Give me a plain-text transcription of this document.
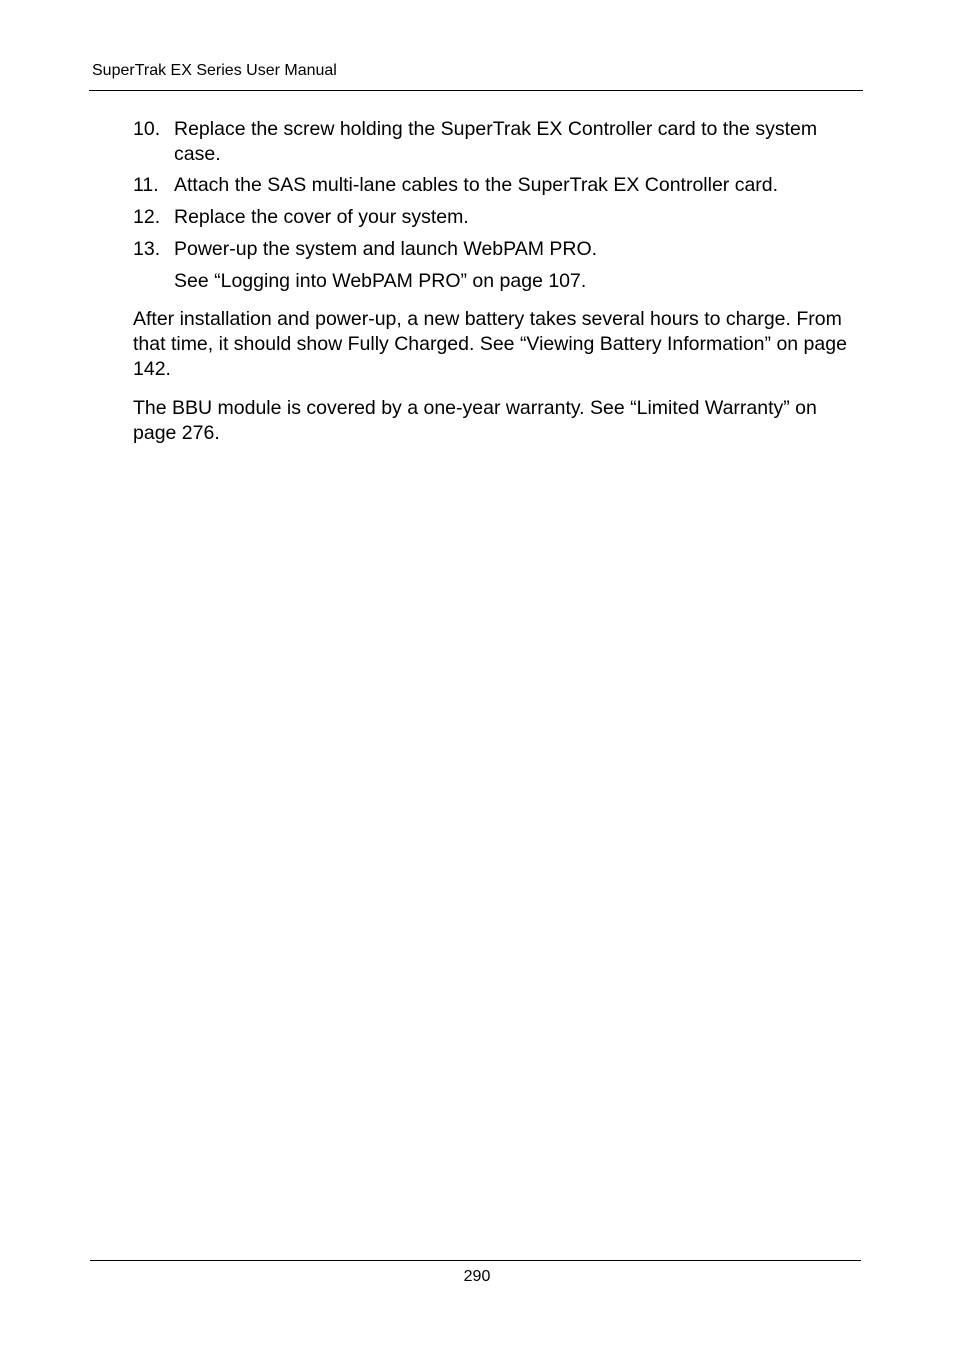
SuperTrak EX Series User Manual
10. Replace the screw holding the SuperTrak EX Controller card to the system case.
11. Attach the SAS multi-lane cables to the SuperTrak EX Controller card.
12. Replace the cover of your system.
13. Power-up the system and launch WebPAM PRO.
See “Logging into WebPAM PRO” on page 107.
After installation and power-up, a new battery takes several hours to charge. From that time, it should show Fully Charged. See “Viewing Battery Information” on page 142.
The BBU module is covered by a one-year warranty. See “Limited Warranty” on page 276.
290
